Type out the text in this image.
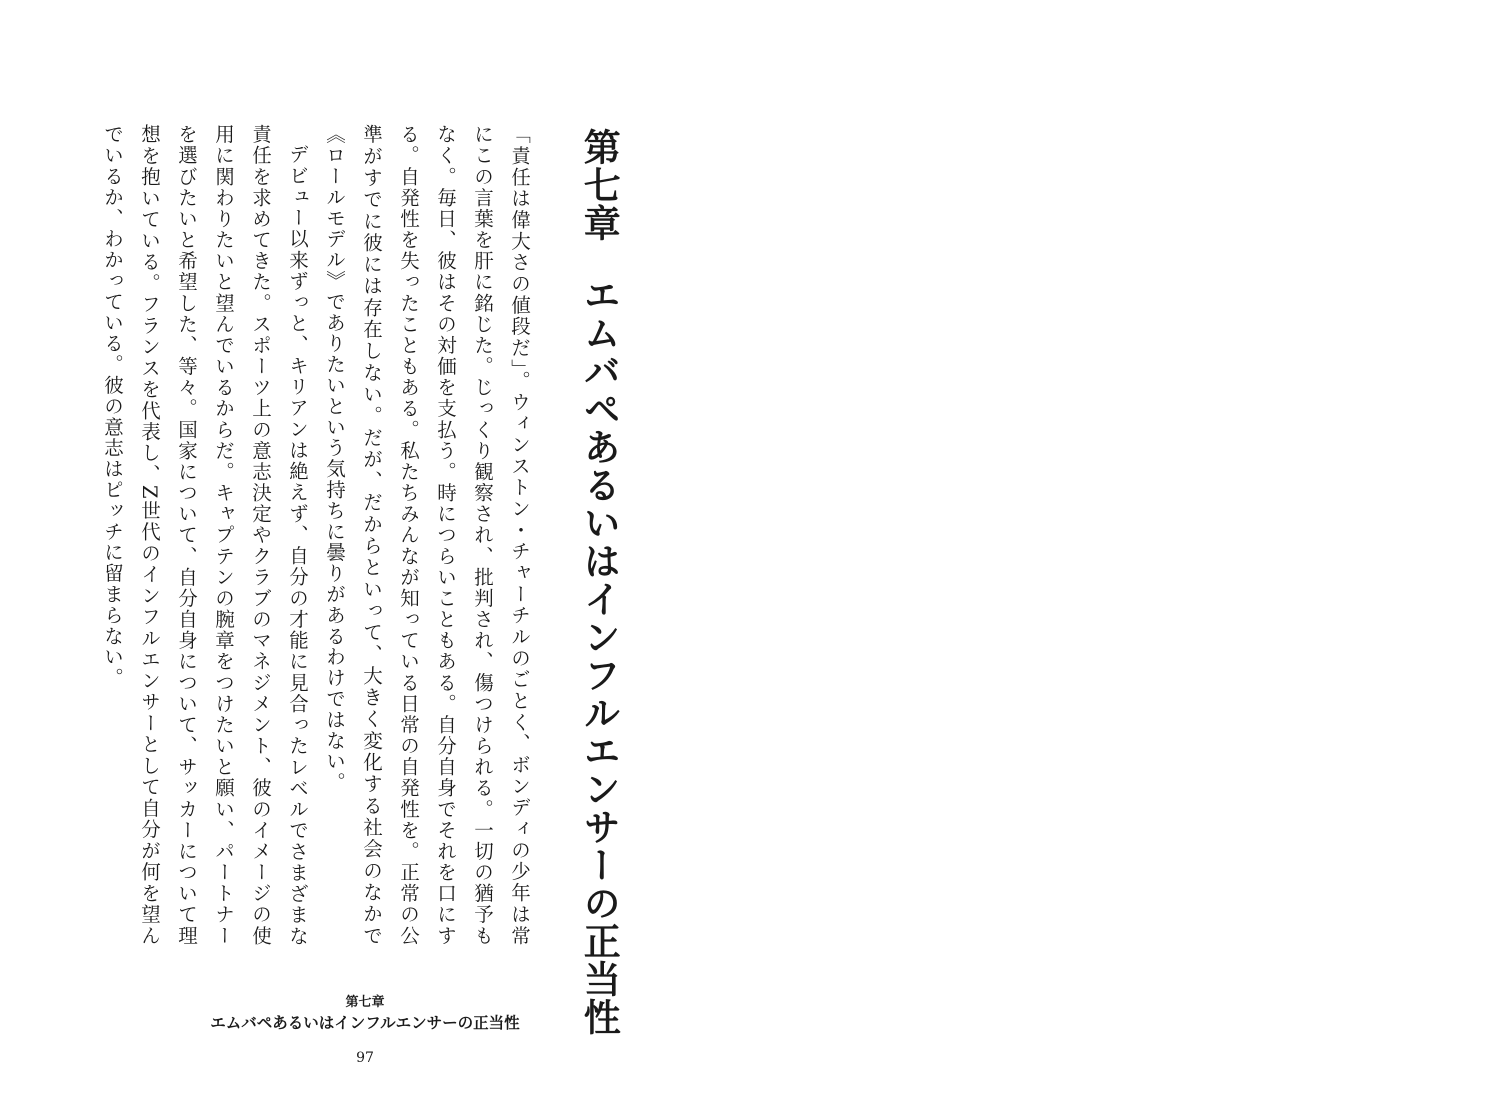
第七章エムバペあるいはインフルエンサーの正当性

「責任は偉大さの値段だ」。ウィンストン・チャーチルのごとく、ボンディの少年は常にこの言葉を肝に銘じた。じっくり観察され、批判され、傷つけられる。一切の猶予もなく。毎日、彼はその対価を支払う。時につらいこともある。自分自身でそれを口にする。自発性を失ったこともある。私たちみんなが知っている日常の自発性を。正常の公準がすでに彼には存在しない。だが、だからといって、大きく変化する社会のなかで《ロールモデル》でありたいという気持ちに曇りがあるわけではない。

デビュー以来ずっと、キリアンは絶えず、自分の才能に見合ったレベルでさまざまな責任を求めてきた。スポーツ上の意志決定やクラブのマネジメント、彼のイメージの使用に関わりたいと望んでいるからだ。キャプテンの腕章をつけたいと願い、パートナーを選びたいと希望した、等々。国家について、自分自身について、サッカーについて理想を抱いている。フランスを代表し、Z世代のインフルエンサーとして自分が何を望んでいるか、わかっている。彼の意志はピッチに留まらない。

第七章
エムバペあるいはインフルエンサーの正当性
97
